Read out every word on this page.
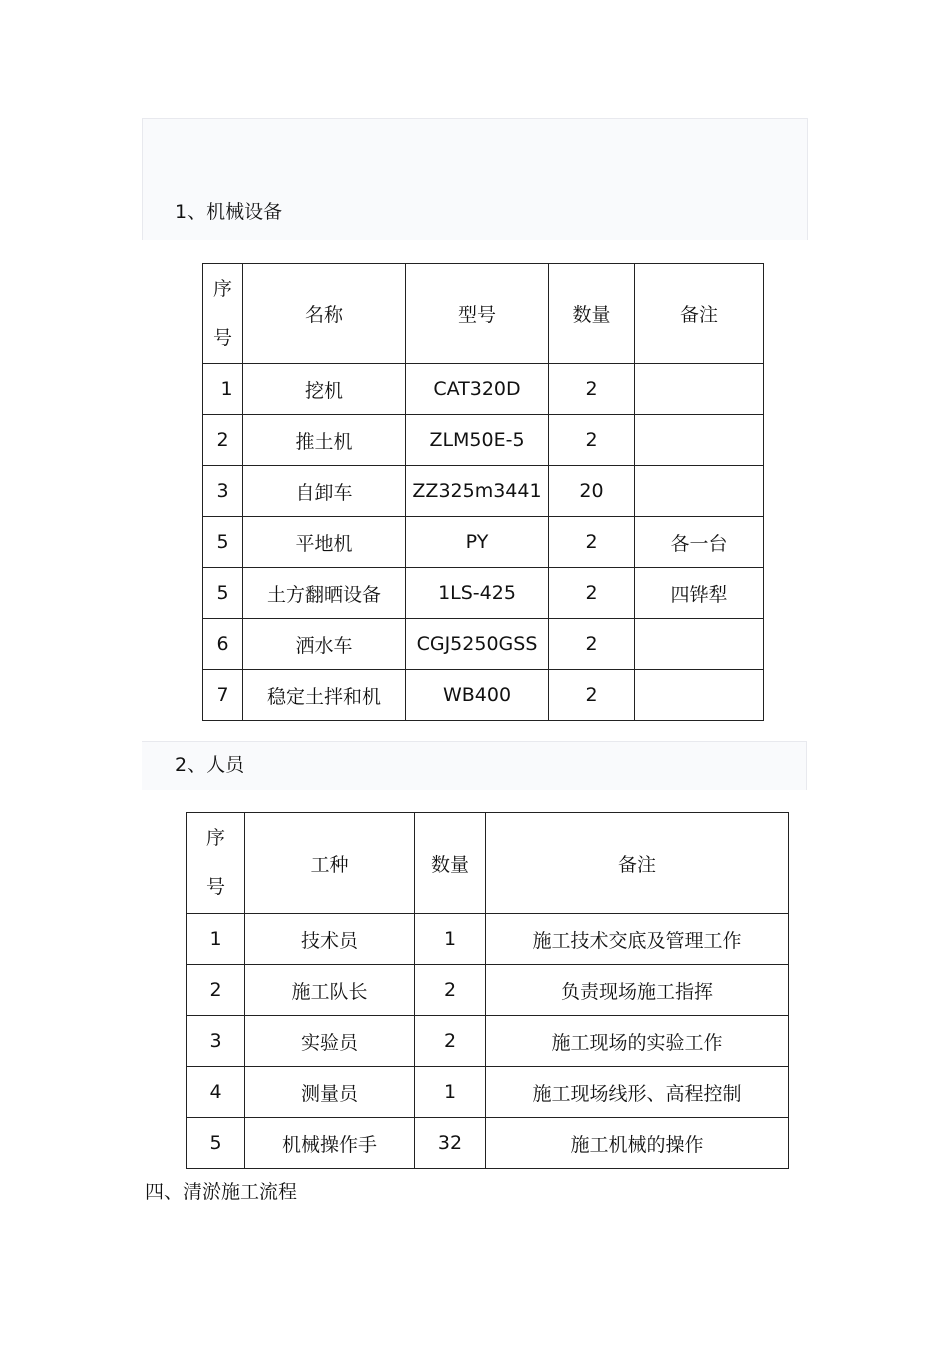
1、机械设备
序
号	名称	型号	数量	备注
1	挖机	CAT320D	2	
2	推土机	ZLM50E-5	2	
3	自卸车	ZZ325m3441	20	
5	平地机	PY	2	各一台
5	土方翻晒设备	1LS-425	2	四铧犁
6	洒水车	CGJ5250GSS	2	
7	稳定土拌和机	WB400	2	
2、人员
序
号	工种	数量	备注
1	技术员	1	施工技术交底及管理工作
2	施工队长	2	负责现场施工指挥
3	实验员	2	施工现场的实验工作
4	测量员	1	施工现场线形、高程控制
5	机械操作手	32	施工机械的操作
四、清淤施工流程
